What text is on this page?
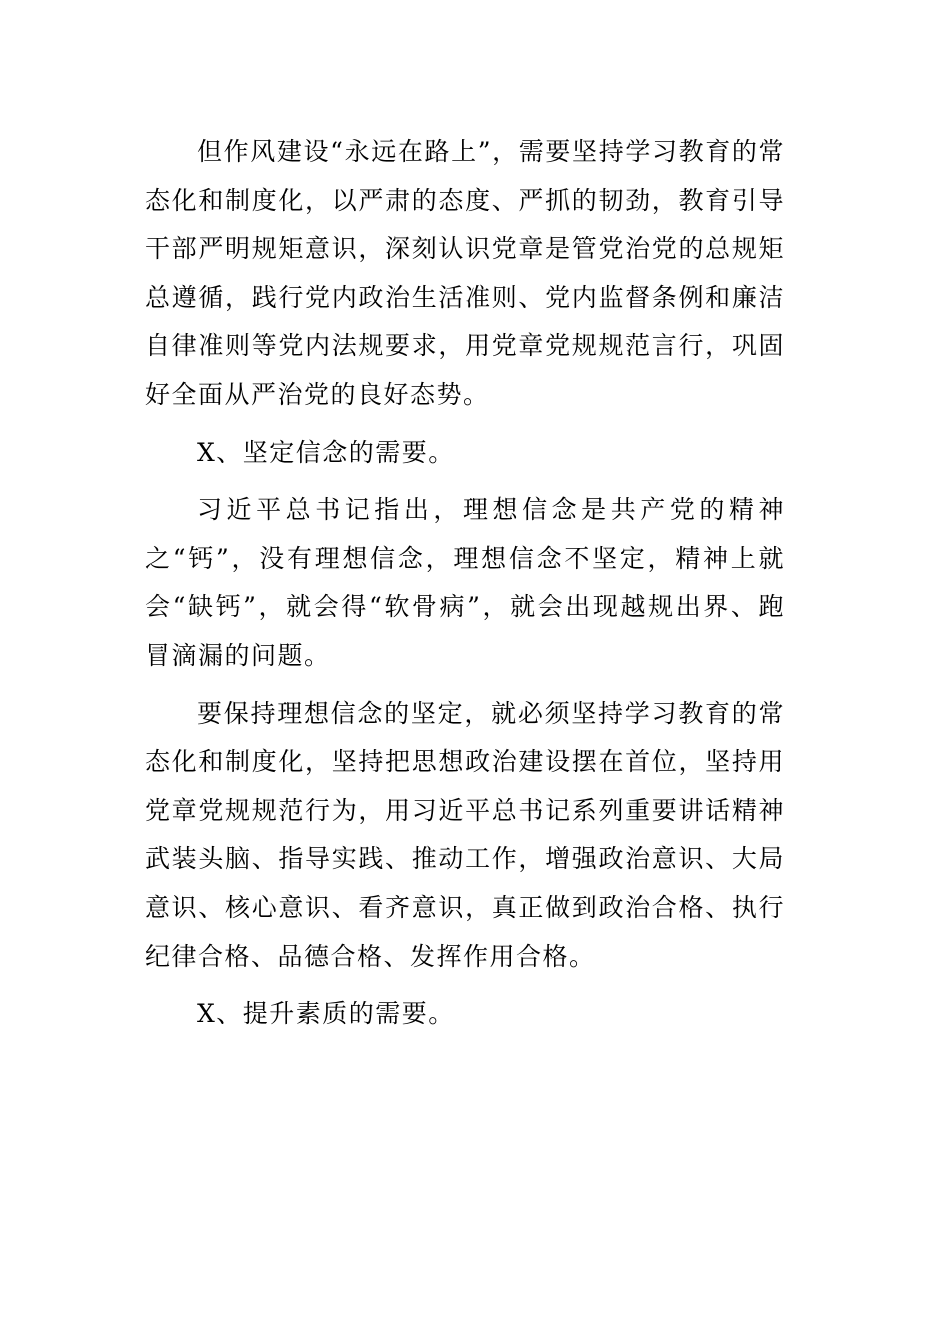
但作风建设“永远在路上”，需要坚持学习教育的常态化和制度化，以严肃的态度、严抓的韧劲，教育引导干部严明规矩意识，深刻认识党章是管党治党的总规矩总遵循，践行党内政治生活准则、党内监督条例和廉洁自律准则等党内法规要求，用党章党规规范言行，巩固好全面从严治党的良好态势。

X、坚定信念的需要。

习近平总书记指出，理想信念是共产党的精神之“钙”，没有理想信念，理想信念不坚定，精神上就会“缺钙”，就会得“软骨病”，就会出现越规出界、跑冒滴漏的问题。

要保持理想信念的坚定，就必须坚持学习教育的常态化和制度化，坚持把思想政治建设摆在首位，坚持用党章党规规范行为，用习近平总书记系列重要讲话精神武装头脑、指导实践、推动工作，增强政治意识、大局意识、核心意识、看齐意识，真正做到政治合格、执行纪律合格、品德合格、发挥作用合格。

X、提升素质的需要。
